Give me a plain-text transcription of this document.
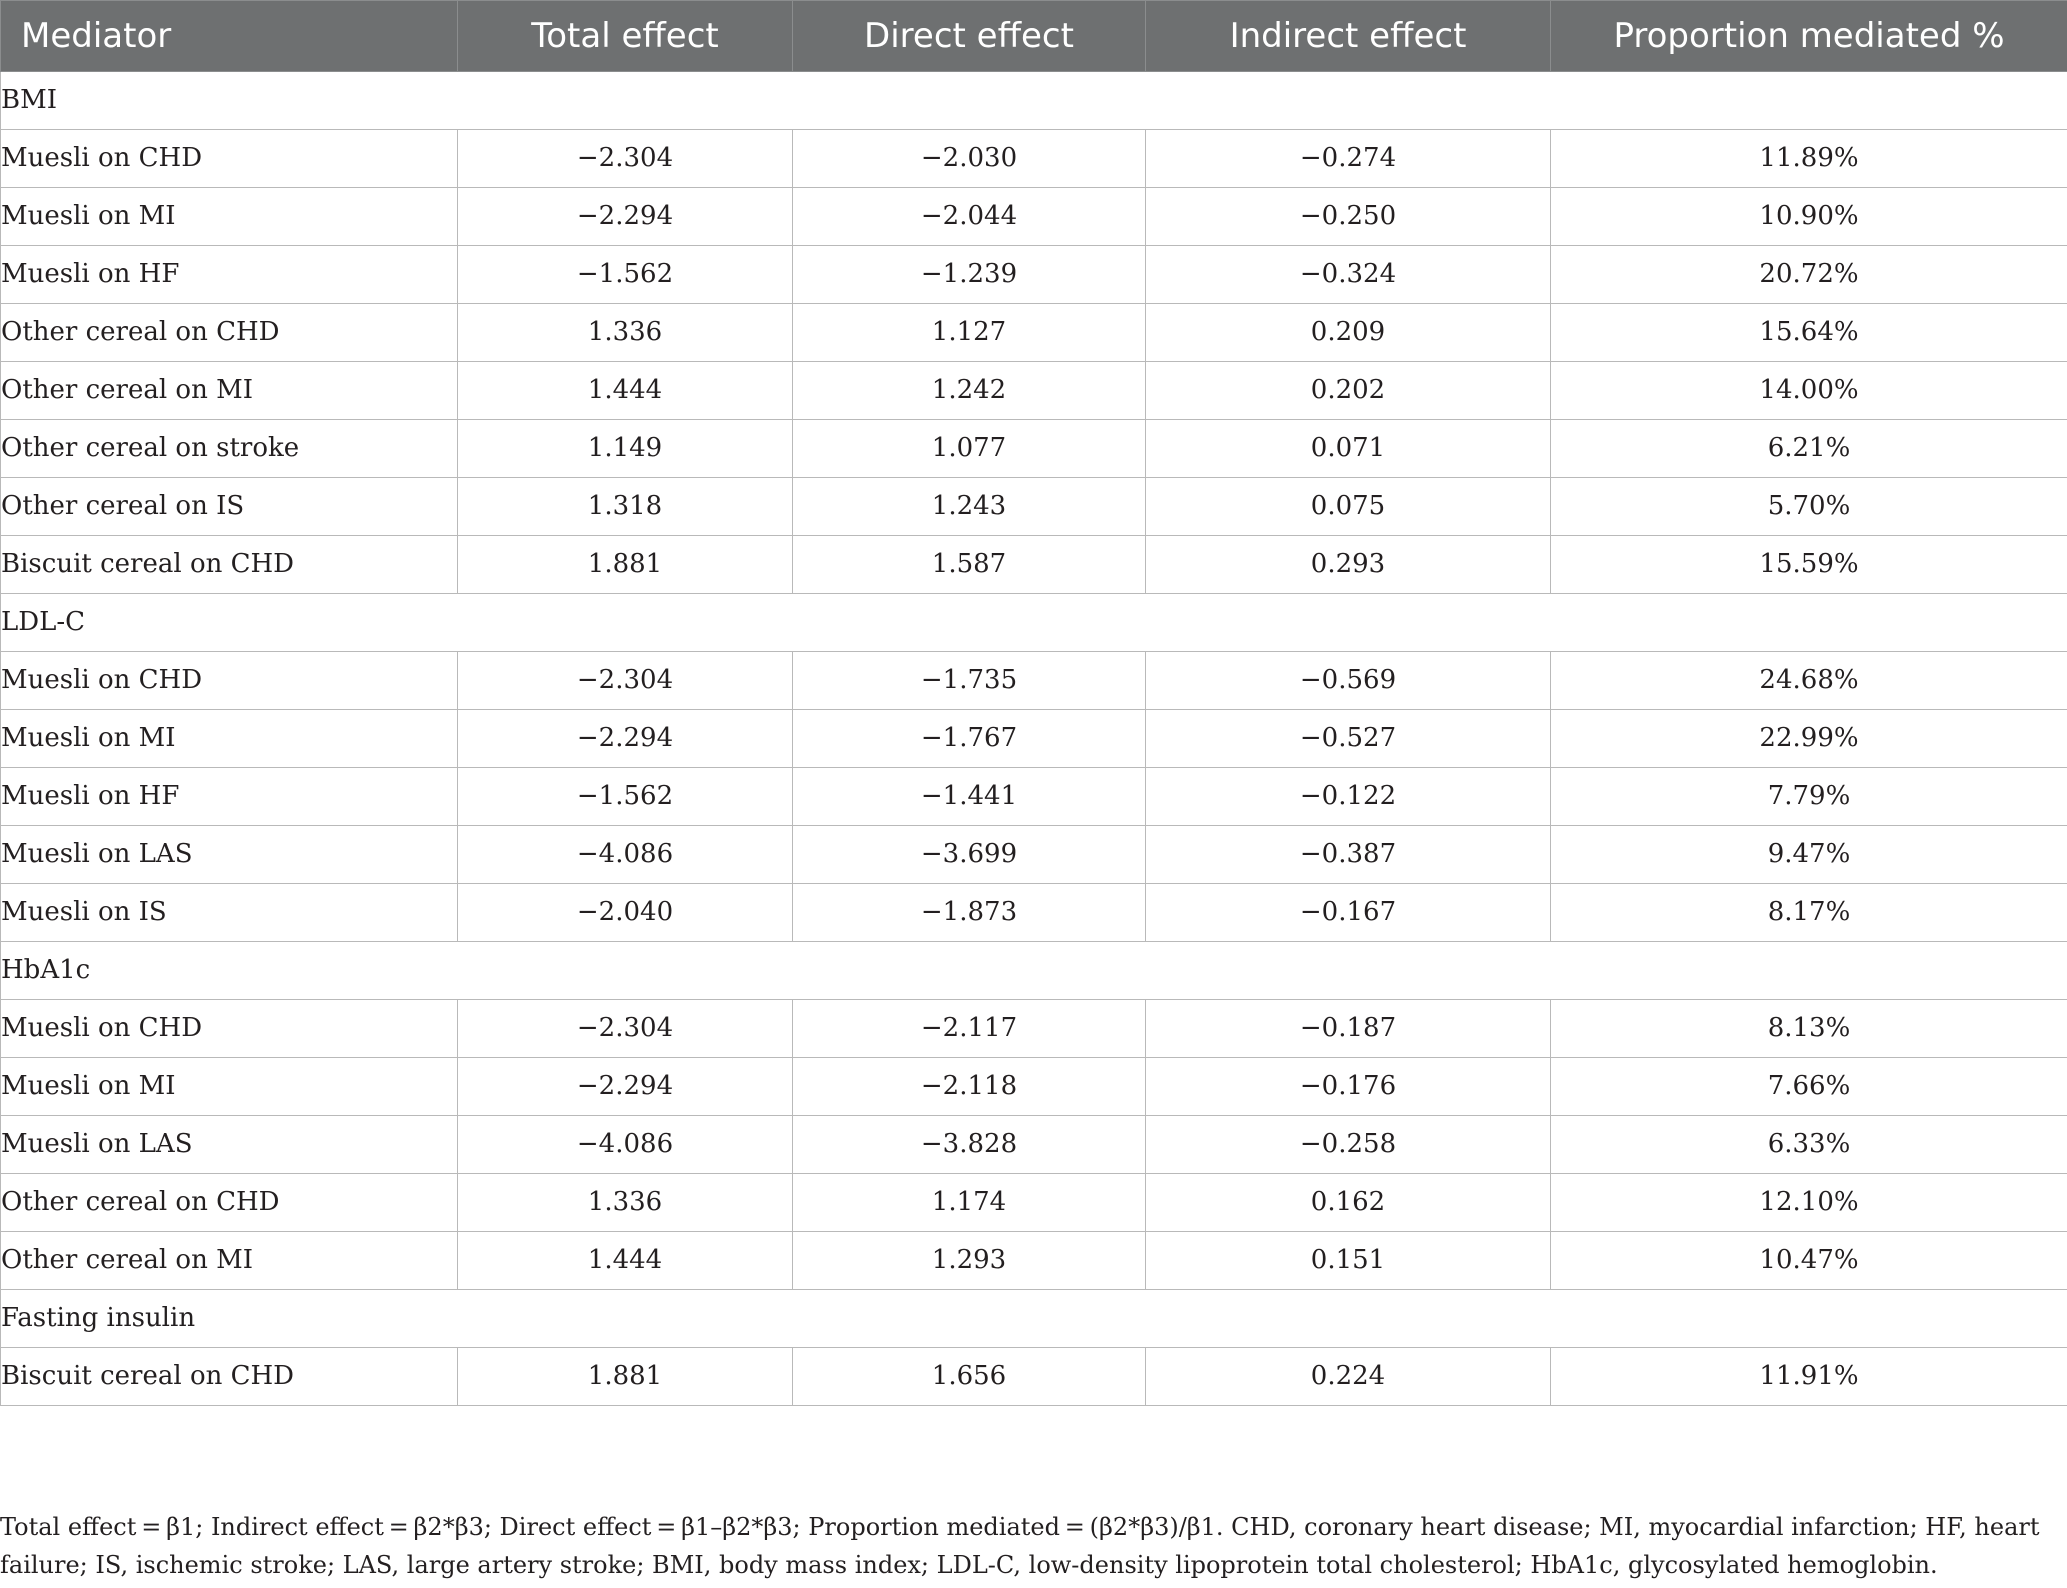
Mediator	Total effect	Direct effect	Indirect effect	Proportion mediated %
BMI				
Muesli on CHD	−2.304	−2.030	−0.274	11.89%
Muesli on MI	−2.294	−2.044	−0.250	10.90%
Muesli on HF	−1.562	−1.239	−0.324	20.72%
Other cereal on CHD	1.336	1.127	0.209	15.64%
Other cereal on MI	1.444	1.242	0.202	14.00%
Other cereal on stroke	1.149	1.077	0.071	6.21%
Other cereal on IS	1.318	1.243	0.075	5.70%
Biscuit cereal on CHD	1.881	1.587	0.293	15.59%
LDL-C				
Muesli on CHD	−2.304	−1.735	−0.569	24.68%
Muesli on MI	−2.294	−1.767	−0.527	22.99%
Muesli on HF	−1.562	−1.441	−0.122	7.79%
Muesli on LAS	−4.086	−3.699	−0.387	9.47%
Muesli on IS	−2.040	−1.873	−0.167	8.17%
HbA1c				
Muesli on CHD	−2.304	−2.117	−0.187	8.13%
Muesli on MI	−2.294	−2.118	−0.176	7.66%
Muesli on LAS	−4.086	−3.828	−0.258	6.33%
Other cereal on CHD	1.336	1.174	0.162	12.10%
Other cereal on MI	1.444	1.293	0.151	10.47%
Fasting insulin				
Biscuit cereal on CHD	1.881	1.656	0.224	11.91%
Total effect = β1; Indirect effect = β2*β3; Direct effect = β1–β2*β3; Proportion mediated = (β2*β3)/β1. CHD, coronary heart disease; MI, myocardial infarction; HF, heart failure; IS, ischemic stroke; LAS, large artery stroke; BMI, body mass index; LDL-C, low-density lipoprotein total cholesterol; HbA1c, glycosylated hemoglobin.
